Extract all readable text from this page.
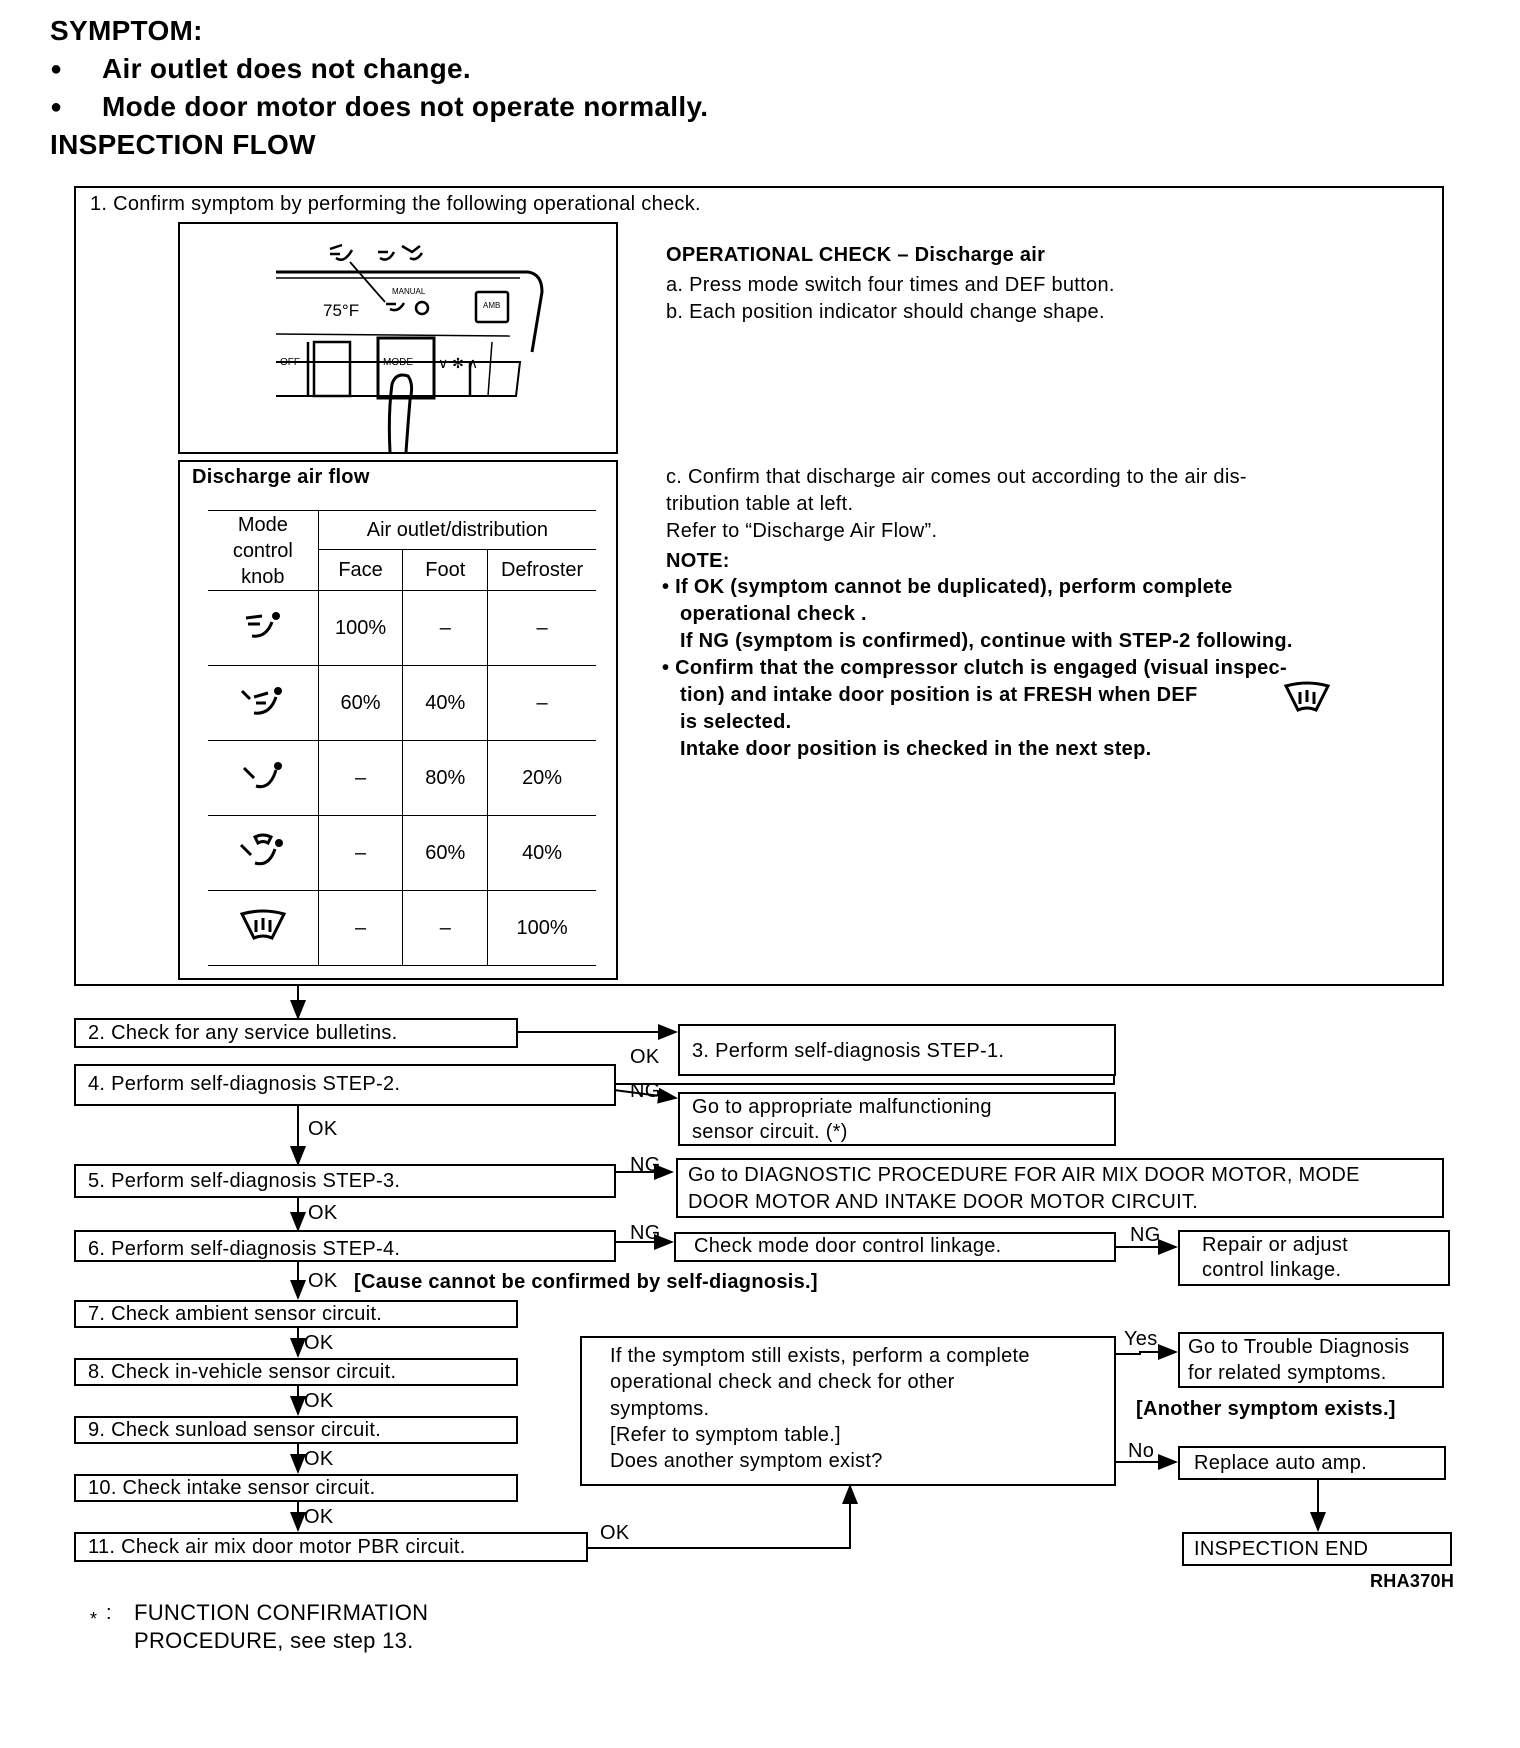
SYMPTOM:
● Air outlet does not change.
● Mode door motor does not operate normally.
INSPECTION FLOW
1. Confirm symptom by performing the following operational check.
75°F
MANUAL
AMB
OFF	MODE ∨ ✻ ∧
OPERATIONAL CHECK – Discharge air
a. Press mode switch four times and DEF button.
b. Each position indicator should change shape.
Discharge air flow
Mode
control
knob	Air outlet/distribution		
	Face	Foot	Defroster
	100%	–	–
	60%	40%	–
	–	80%	20%
	–	60%	40%
	–	–	100%
c. Confirm that discharge air comes out according to the air dis-
tribution table at left.
Refer to “Discharge Air Flow”.
NOTE:
• If OK (symptom cannot be duplicated), perform complete
operational check .
If NG (symptom is confirmed), continue with STEP-2 following.
• Confirm that the compressor clutch is engaged (visual inspec-
tion) and intake door position is at FRESH when DEF
is selected.
Intake door position is checked in the next step.
2. Check for any service bulletins.
3. Perform self-diagnosis STEP-1.
OK
4. Perform self-diagnosis STEP-2.	NG
Go to appropriate malfunctioning
sensor circuit. (*)
OK
NG
5. Perform self-diagnosis STEP-3.	Go to DIAGNOSTIC PROCEDURE FOR AIR MIX DOOR MOTOR, MODE
DOOR MOTOR AND INTAKE DOOR MOTOR CIRCUIT.
OK
NG
6. Perform self-diagnosis STEP-4.	Check mode door control linkage.	NG Repair or adjust
control linkage.
OK [Cause cannot be confirmed by self-diagnosis.]
7. Check ambient sensor circuit.
OK
8. Check in-vehicle sensor circuit.
OK
9. Check sunload sensor circuit.
OK
10. Check intake sensor circuit.
OK
11. Check air mix door motor PBR circuit.
OK
If the symptom still exists, perform a complete
operational check and check for other
symptoms.
[Refer to symptom table.]
Does another symptom exist?
Yes Go to Trouble Diagnosis
for related symptoms.
[Another symptom exists.]
No
Replace auto amp.
INSPECTION END
RHA370H
* : FUNCTION CONFIRMATION
PROCEDURE, see step 13.
